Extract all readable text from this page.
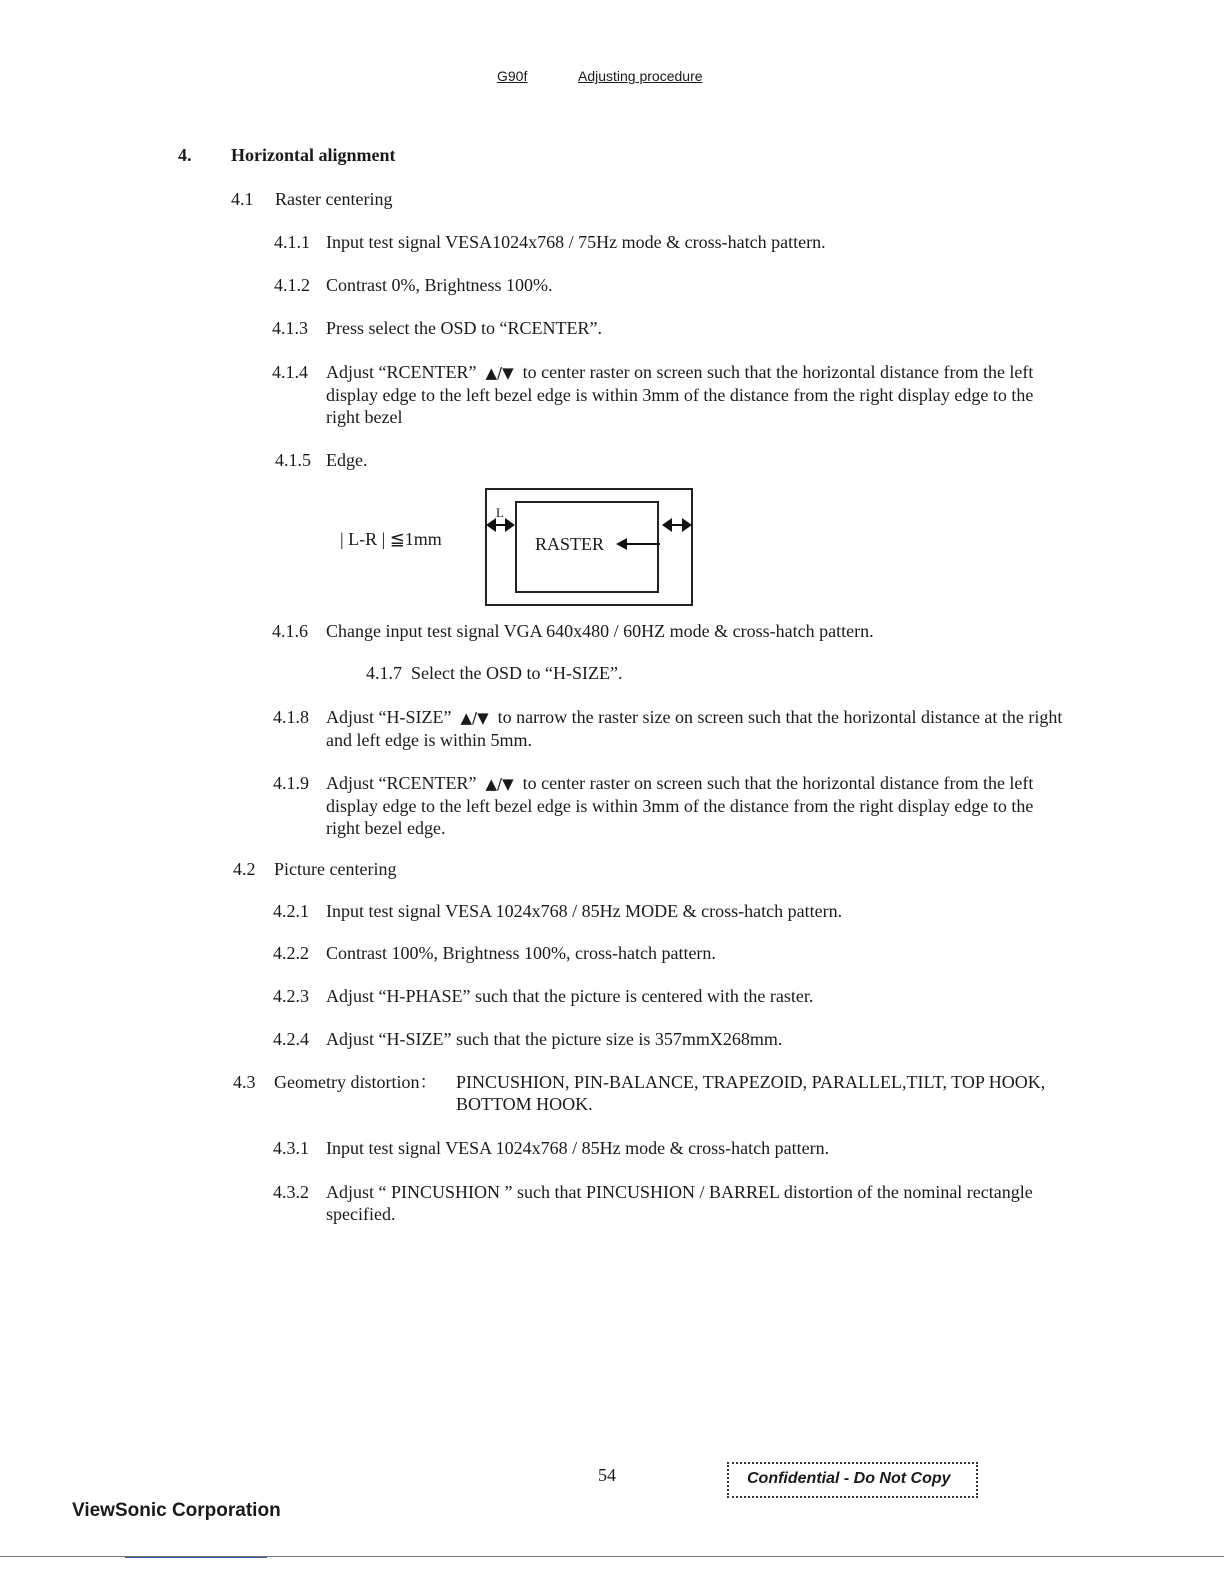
G90f	Adjusting procedure
4. Horizontal alignment
4.1 Raster centering
4.1.1 Input test signal VESA1024x768 / 75Hz mode & cross-hatch pattern.
4.1.2 Contrast 0%, Brightness 100%.
4.1.3 Press select the OSD to “RCENTER”.
4.1.4 Adjust “RCENTER” ▲/▼ to center raster on screen such that the horizontal distance from the left display edge to the left bezel edge is within 3mm of the distance from the right display edge to the right bezel
4.1.5 Edge.
| L-R | ≦1mm	RASTER
L
4.1.6 Change input test signal VGA 640x480 / 60HZ mode & cross-hatch pattern.
4.1.7 Select the OSD to “H-SIZE”.
4.1.8 Adjust “H-SIZE” ▲/▼ to narrow the raster size on screen such that the horizontal distance at the right and left edge is within 5mm.
4.1.9 Adjust “RCENTER” ▲/▼ to center raster on screen such that the horizontal distance from the left display edge to the left bezel edge is within 3mm of the distance from the right display edge to the right bezel edge.
4.2 Picture centering
4.2.1 Input test signal VESA 1024x768 / 85Hz MODE & cross-hatch pattern.
4.2.2 Contrast 100%, Brightness 100%, cross-hatch pattern.
4.2.3 Adjust “H-PHASE” such that the picture is centered with the raster.
4.2.4 Adjust “H-SIZE” such that the picture size is 357mmX268mm.
4.3 Geometry distortion： PINCUSHION, PIN-BALANCE, TRAPEZOID, PARALLEL,TILT, TOP HOOK, BOTTOM HOOK.
4.3.1 Input test signal VESA 1024x768 / 85Hz mode & cross-hatch pattern.
4.3.2 Adjust “ PINCUSHION ” such that PINCUSHION / BARREL distortion of the nominal rectangle specified.
54	Confidential - Do Not Copy
ViewSonic Corporation
